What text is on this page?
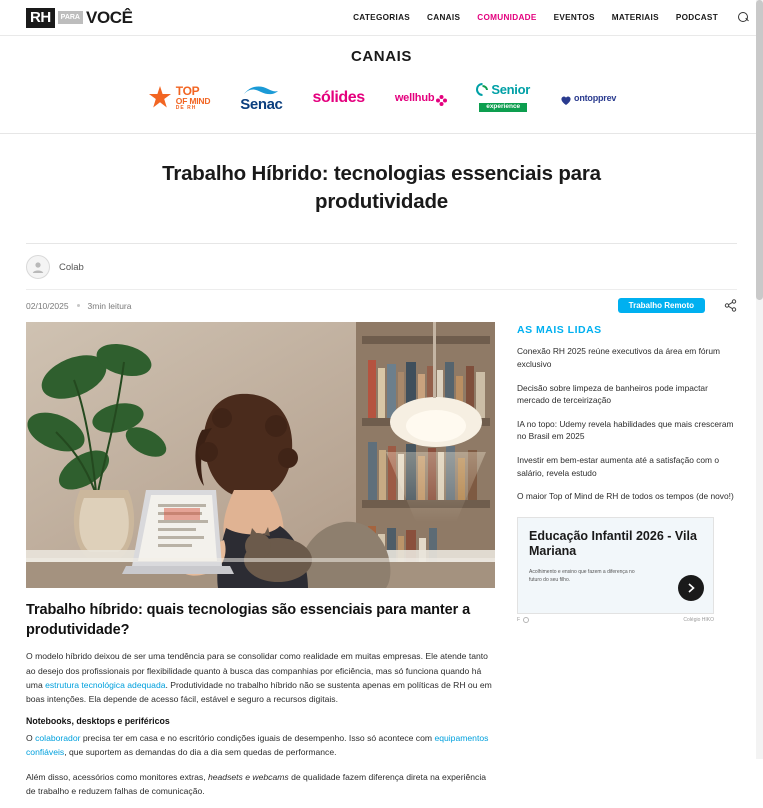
RH	PARA VOCÊ	CATEGORIAS CANAIS COMUNIDADE EVENTOS MATERIAIS PODCAST
CANAIS
TOP
OF MIND
DE RH	Senac sólides	wellhub
Senior
experience
ontopprev
Trabalho Híbrido: tecnologias essenciais para produtividade
Colab
02/10/2025 3min leitura	Trabalho Remoto
Trabalho híbrido: quais tecnologias são essenciais para manter a produtividade?

O modelo híbrido deixou de ser uma tendência para se consolidar como realidade em muitas empresas. Ele atende tanto ao desejo dos profissionais por flexibilidade quanto à busca das companhias por eficiência, mas só funciona quando há uma estrutura tecnológica adequada. Produtividade no trabalho híbrido não se sustenta apenas em políticas de RH ou em boas intenções. Ela depende de acesso fácil, estável e seguro a recursos digitais.

Notebooks, desktops e periféricos

O colaborador precisa ter em casa e no escritório condições iguais de desempenho. Isso só acontece com equipamentos confiáveis, que suportem as demandas do dia a dia sem quedas de performance.

Além disso, acessórios como monitores extras, headsets e webcams de qualidade fazem diferença direta na experiência de trabalho e reduzem falhas de comunicação.

AS MAIS LIDAS
Conexão RH 2025 reúne executivos da área em fórum exclusivo
Decisão sobre limpeza de banheiros pode impactar mercado de terceirização
IA no topo: Udemy revela habilidades que mais cresceram no Brasil em 2025
Investir em bem-estar aumenta até a satisfação com o salário, revela estudo
O maior Top of Mind de RH de todos os tempos (de novo!)
Educação Infantil 2026 - Vila Mariana
Acolhimento e ensino que fazem a diferença no futuro do seu filho.
F	Colégio HIKO
